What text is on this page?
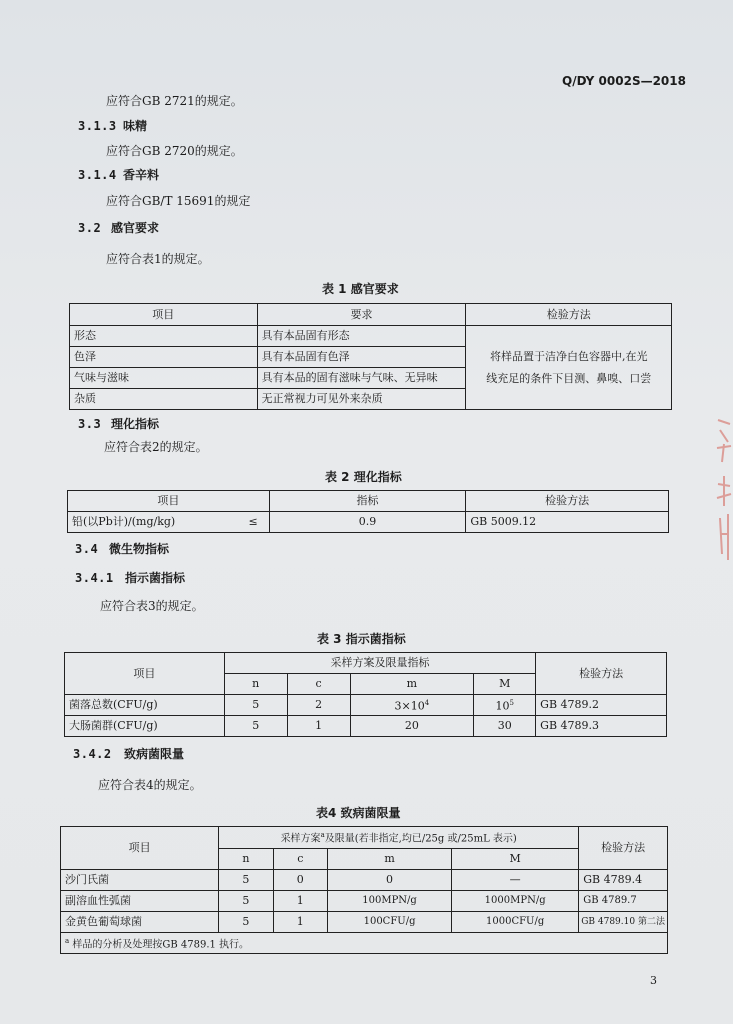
Q/DY 0002S—2018
应符合GB 2721的规定。
3.1.3 味精
应符合GB 2720的规定。
3.1.4 香辛料
应符合GB/T 15691的规定
3.2 感官要求
应符合表1的规定。
表 1 感官要求
项目	要求	检验方法
形态	具有本品固有形态	将样品置于洁净白色容器中,在光
线充足的条件下目测、鼻嗅、口尝

色泽	具有本品固有色泽	
气味与滋味	具有本品的固有滋味与气味、无异味	
杂质	无正常视力可见外来杂质	
3.3 理化指标
应符合表2的规定。
表 2 理化指标
项目		指标	检验方法
铅(以Pb计)/(mg/kg)	≤	0.9	GB 5009.12
3.4 微生物指标
3.4.1 指示菌指标
应符合表3的规定。
表 3 指示菌指标
项目	采样方案及限量指标				检验方法
	n	c	m	M	
菌落总数(CFU/g)	5	2	$3\times 10^4$	$10^5$	GB 4789.2
大肠菌群(CFU/g)	5	1	20	30	GB 4789.3
3.4.2 致病菌限量
应符合表4的规定。
表4 致病菌限量
项目	采样方案$^a$及限量(若非指定,均已/25g 或/25mL 表示)				检验方法
	n	c	m	M	
沙门氏菌	5	0	0	—	GB 4789.4
副溶血性弧菌	5	1	100MPN/g	1000MPN/g	GB 4789.7
金黄色葡萄球菌	5	1	100CFU/g	1000CFU/g	GB 4789.10 第二法
$^a$ 样品的分析及处理按GB 4789.1 执行。					
3
